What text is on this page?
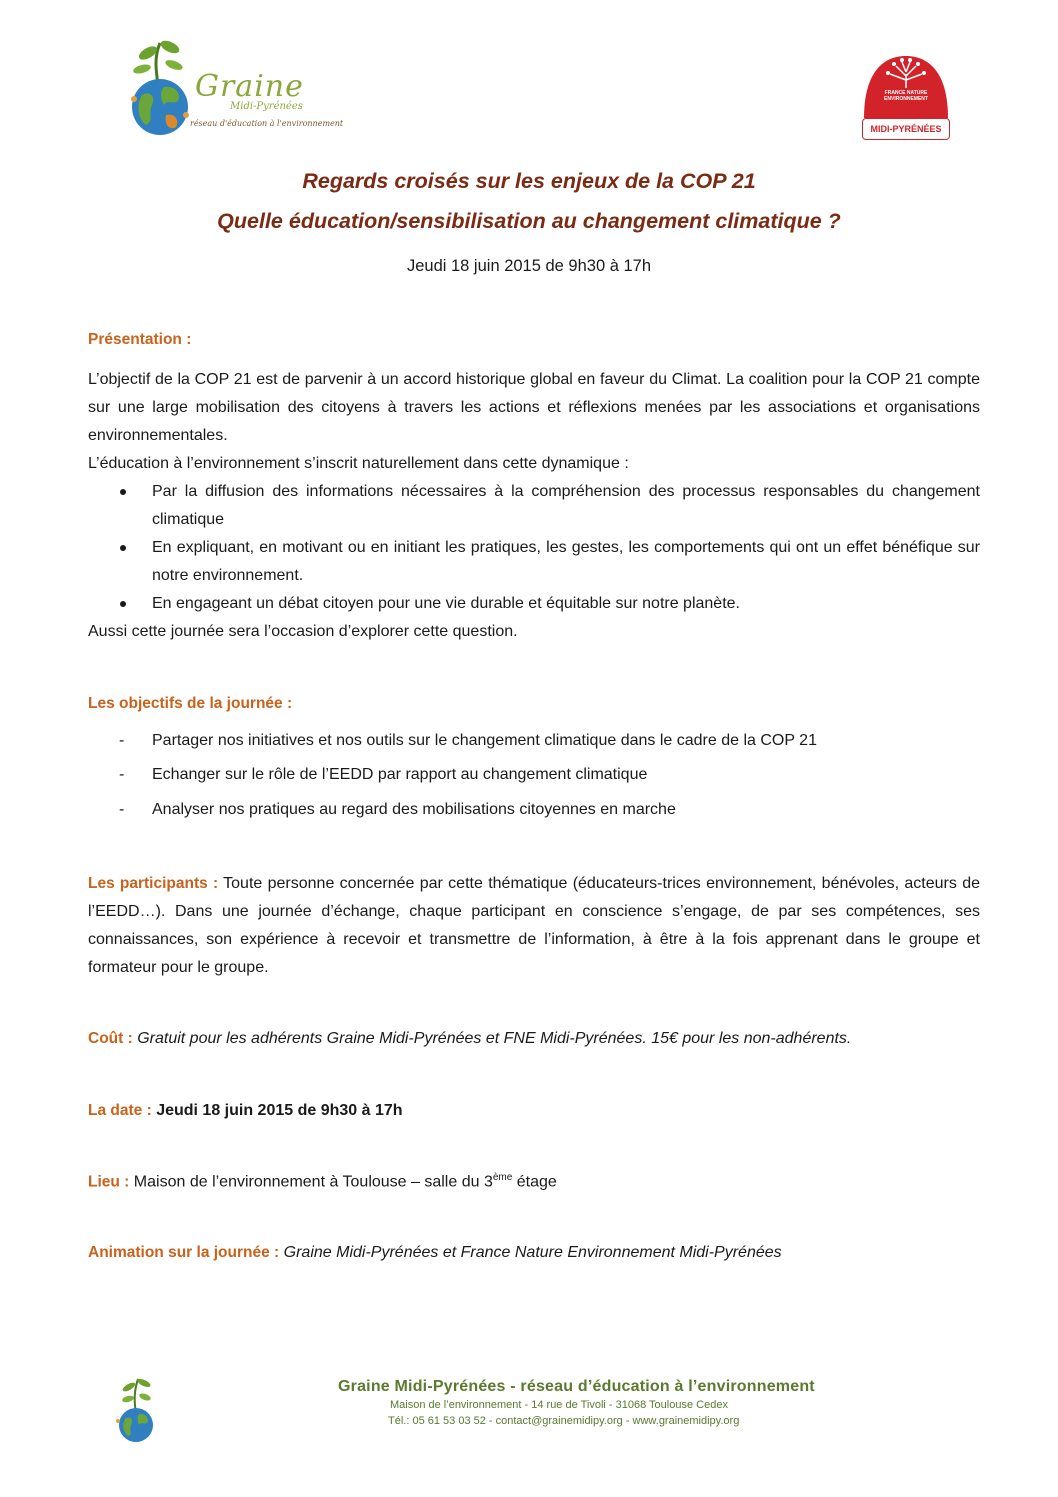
Graine
Midi-Pyrénées
réseau d'éducation à l'environnement
FRANCE NATURE ENVIRONNEMENT
MIDI-PYRÉNÉES
Regards croisés sur les enjeux de la COP 21
Quelle éducation/sensibilisation au changement climatique ?
Jeudi 18 juin 2015 de 9h30 à 17h
Présentation :

L’objectif de la COP 21 est de parvenir à un accord historique global en faveur du Climat. La coalition pour la COP 21 compte sur une large mobilisation des citoyens à travers les actions et réflexions menées par les associations et organisations environnementales.

L’éducation à l’environnement s’inscrit naturellement dans cette dynamique :

Par la diffusion des informations nécessaires à la compréhension des processus responsables du changement climatique
En expliquant, en motivant ou en initiant les pratiques, les gestes, les comportements qui ont un effet bénéfique sur notre environnement.
En engageant un débat citoyen pour une vie durable et équitable sur notre planète.

Aussi cette journée sera l’occasion d’explorer cette question.

Les objectifs de la journée :
- Partager nos initiatives et nos outils sur le changement climatique dans le cadre de la COP 21
- Echanger sur le rôle de l’EEDD par rapport au changement climatique
- Analyser nos pratiques au regard des mobilisations citoyennes en marche
Les participants : Toute personne concernée par cette thématique (éducateurs-trices environnement, bénévoles, acteurs de l’EEDD…). Dans une journée d’échange, chaque participant en conscience s’engage, de par ses compétences, ses connaissances, son expérience à recevoir et transmettre de l’information, à être à la fois apprenant dans le groupe et formateur pour le groupe.
Coût : Gratuit pour les adhérents Graine Midi-Pyrénées et FNE Midi-Pyrénées. 15€ pour les non-adhérents.
La date : Jeudi 18 juin 2015 de 9h30 à 17h
Lieu : Maison de l’environnement à Toulouse – salle du 3ème étage
Animation sur la journée : Graine Midi-Pyrénées et France Nature Environnement Midi-Pyrénées
Graine Midi-Pyrénées - réseau d’éducation à l’environnement
Maison de l’environnement - 14 rue de Tivoli - 31068 Toulouse Cedex
Tél.: 05 61 53 03 52 - contact@grainemidipy.org - www.grainemidipy.org
